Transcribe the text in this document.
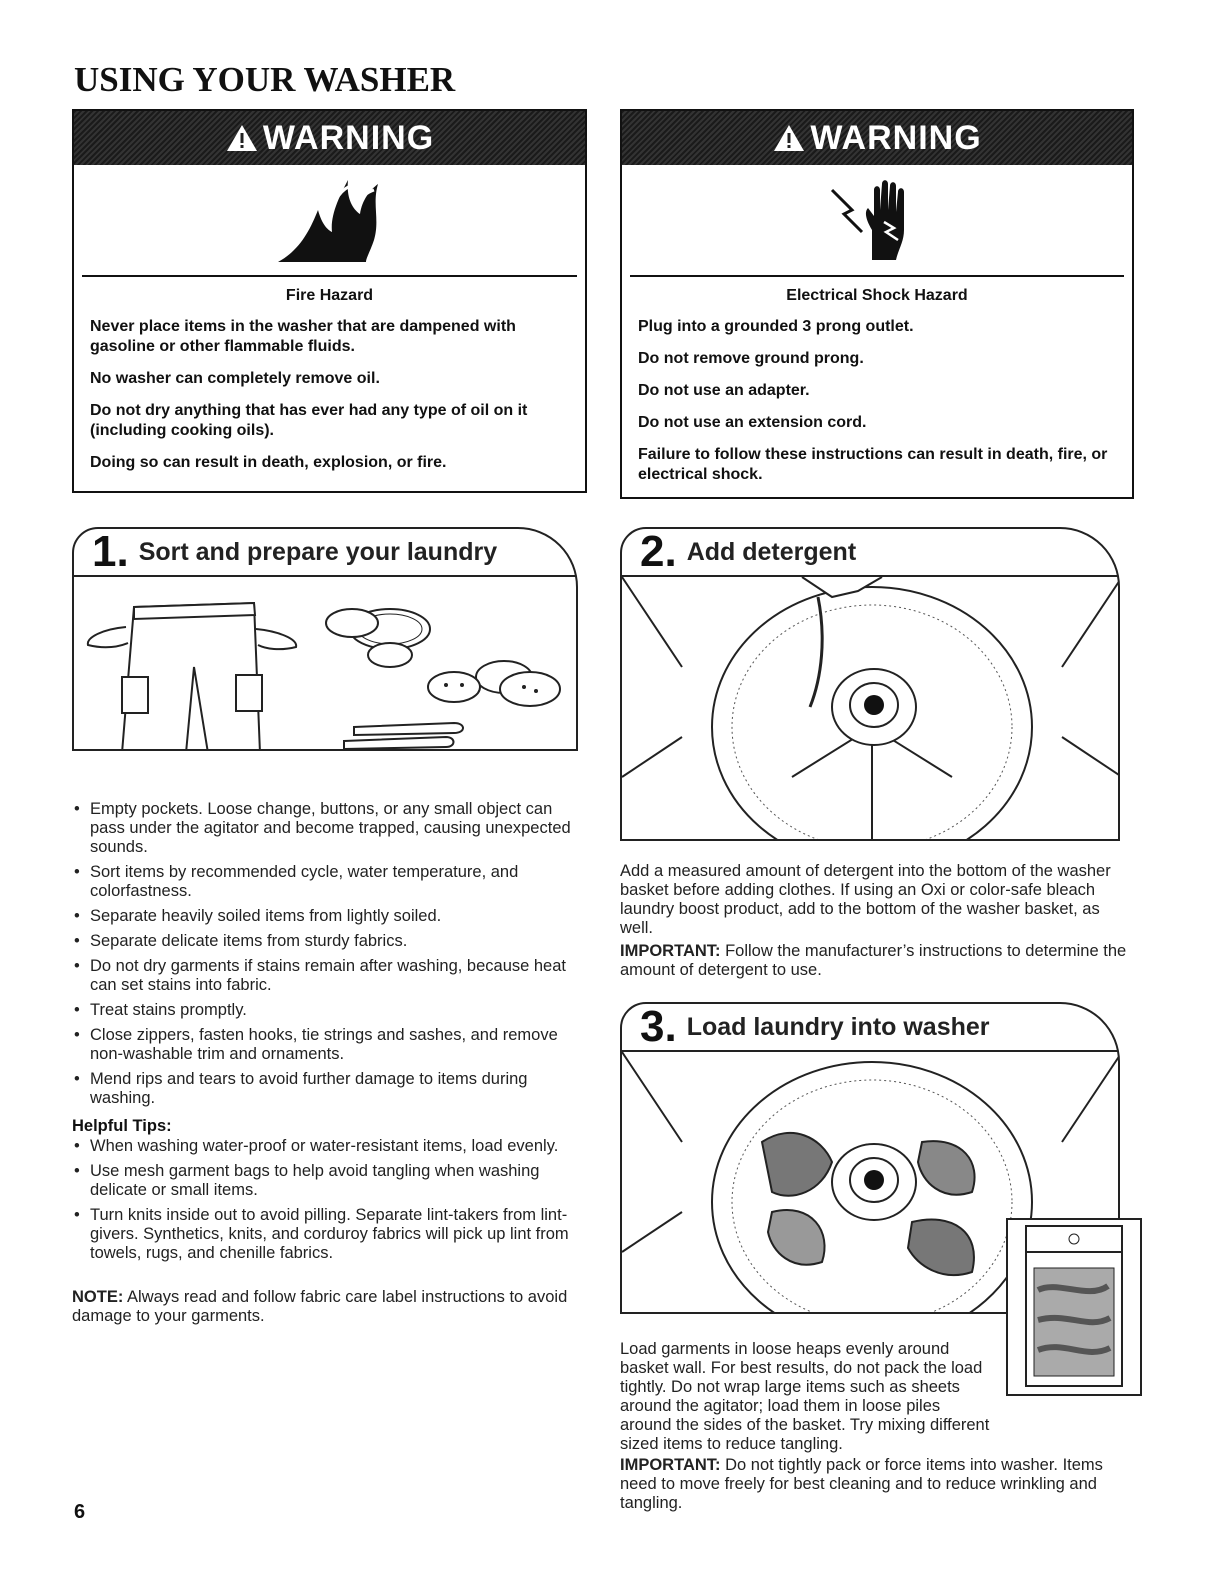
USING YOUR WASHER
WARNING
Fire Hazard

Never place items in the washer that are dampened with gasoline or other flammable fluids.

No washer can completely remove oil.

Do not dry anything that has ever had any type of oil on it (including cooking oils).

Doing so can result in death, explosion, or fire.

WARNING
Electrical Shock Hazard

Plug into a grounded 3 prong outlet.

Do not remove ground prong.

Do not use an adapter.

Do not use an extension cord.

Failure to follow these instructions can result in death, fire, or electrical shock.

1. Sort and prepare your laundry
• Empty pockets. Loose change, buttons, or any small object can pass under the agitator and become trapped, causing unexpected sounds.
• Sort items by recommended cycle, water temperature, and colorfastness.
• Separate heavily soiled items from lightly soiled.
• Separate delicate items from sturdy fabrics.
• Do not dry garments if stains remain after washing, because heat can set stains into fabric.
• Treat stains promptly.
• Close zippers, fasten hooks, tie strings and sashes, and remove non-washable trim and ornaments.
• Mend rips and tears to avoid further damage to items during washing.
Helpful Tips:
• When washing water-proof or water-resistant items, load evenly.
• Use mesh garment bags to help avoid tangling when washing delicate or small items.
• Turn knits inside out to avoid pilling. Separate lint-takers from lint-givers. Synthetics, knits, and corduroy fabrics will pick up lint from towels, rugs, and chenille fabrics.
NOTE: Always read and follow fabric care label instructions to avoid damage to your garments.
2. Add detergent
Add a measured amount of detergent into the bottom of the washer basket before adding clothes. If using an Oxi or color-safe bleach laundry boost product, add to the bottom of the washer basket, as well.
IMPORTANT: Follow the manufacturer’s instructions to determine the amount of detergent to use.
3. Load laundry into washer
Load garments in loose heaps evenly around basket wall. For best results, do not pack the load tightly. Do not wrap large items such as sheets around the agitator; load them in loose piles around the sides of the basket. Try mixing different sized items to reduce tangling.
IMPORTANT: Do not tightly pack or force items into washer. Items need to move freely for best cleaning and to reduce wrinkling and tangling.
6
